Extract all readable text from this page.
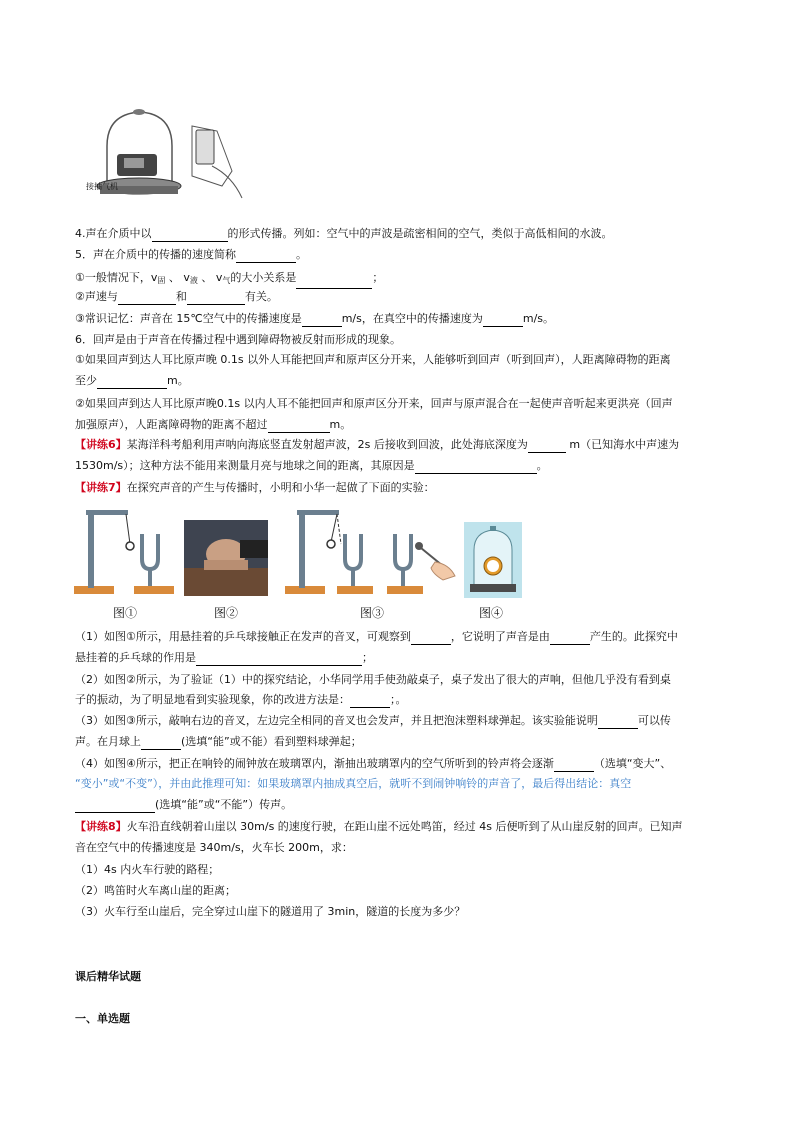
接抽气机
4.声在介质中以	的形式传播。列如：空气中的声波是疏密相间的空气，类似于高低相间的水波。
5．声在介质中的传播的速度简称	。
①一般情况下，$v_固$ 、 $v_液$ 、 $v_气$的大小关系是	；
②声速与	和	有关。
③常识记忆：声音在 15℃空气中的传播速度是	m/s，在真空中的传播速度为	m/s。
6．回声是由于声音在传播过程中遇到障碍物被反射而形成的现象。
①如果回声到达人耳比原声晚 0.1s 以外人耳能把回声和原声区分开来，人能够听到回声（听到回声），人距离障碍物的距离
至少	m。
②如果回声到达人耳比原声晚0.1s 以内人耳不能把回声和原声区分开来，回声与原声混合在一起使声音听起来更洪亮（回声
加强原声），人距离障碍物的距离不超过	m。
【讲练6】某海洋科考船利用声呐向海底竖直发射超声波，2s 后接收到回波，此处海底深度为	m（已知海水中声速为
1530m/s）；这种方法不能用来测量月亮与地球之间的距离，其原因是	。
【讲练7】在探究声音的产生与传播时，小明和小华一起做了下面的实验：
图①	图②	图③	图④
（1）如图①所示，用悬挂着的乒乓球接触正在发声的音叉，可观察到	，它说明了声音是由	产生的。此探究中
悬挂着的乒乓球的作用是	；
（2）如图②所示，为了验证（1）中的探究结论，小华同学用手使劲敲桌子，桌子发出了很大的声响，但他几乎没有看到桌
子的振动，为了明显地看到实验现象，你的改进方法是：	；。
（3）如图③所示，敲响右边的音叉，左边完全相同的音叉也会发声，并且把泡沫塑料球弹起。该实验能说明	可以传
声。在月球上	(选填“能”或不能）看到塑料球弹起；
（4）如图④所示，把正在响铃的闹钟放在玻璃罩内，渐抽出玻璃罩内的空气所听到的铃声将会逐渐	（选填“变大”、
“变小”或“不变”），并由此推理可知：如果玻璃罩内抽成真空后，就听不到闹钟响铃的声音了，最后得出结论：真空
(选填“能”或“不能”）传声。
【讲练8】火车沿直线朝着山崖以 30m/s 的速度行驶，在距山崖不远处鸣笛，经过 4s 后便听到了从山崖反射的回声。已知声
音在空气中的传播速度是 340m/s，火车长 200m，求：
（1）4s 内火车行驶的路程；
（2）鸣笛时火车离山崖的距离；
（3）火车行至山崖后，完全穿过山崖下的隧道用了 3min，隧道的长度为多少？
课后精华试题
一、单选题
